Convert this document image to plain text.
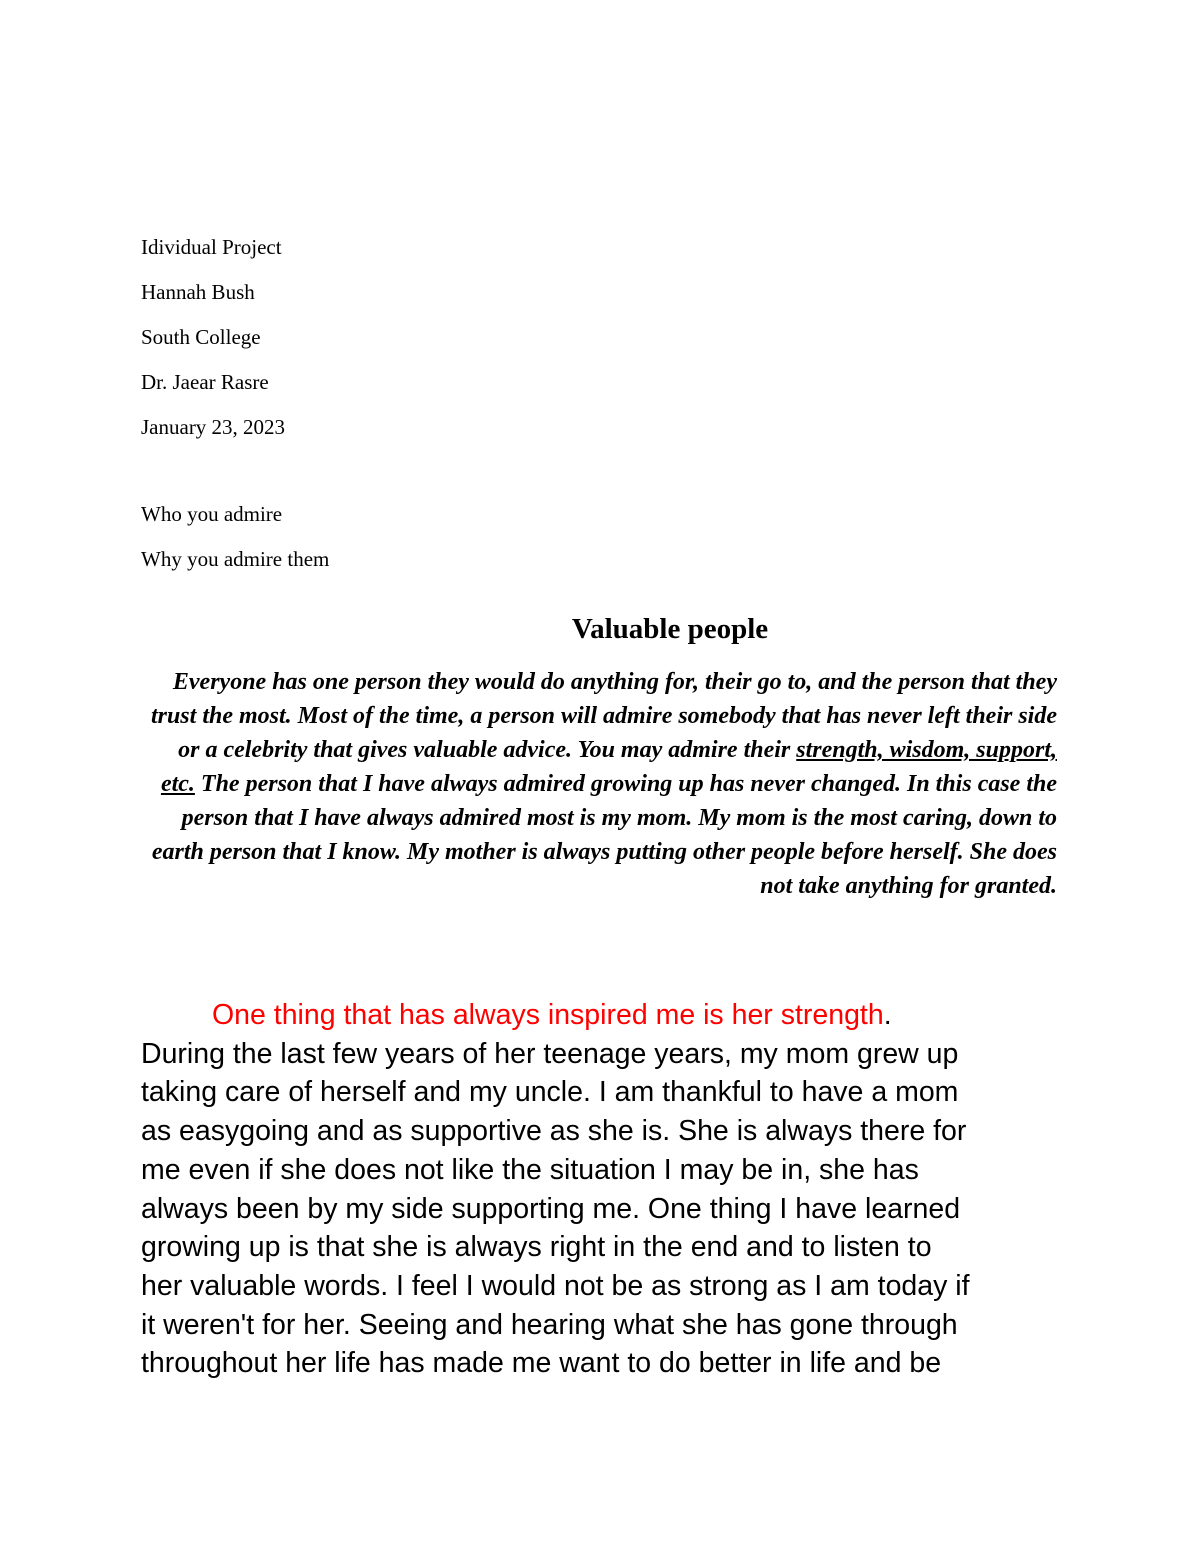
Idividual Project
Hannah Bush
South College
Dr. Jaear Rasre
January 23, 2023
Who you admire
Why you admire them
Valuable people

Everyone has one person they would do anything for, their go to, and the person that they trust the most. Most of the time, a person will admire somebody that has never left their side or a celebrity that gives valuable advice. You may admire their strength, wisdom, support, etc. The person that I have always admired growing up has never changed. In this case the person that I have always admired most is my mom. My mom is the most caring, down to earth person that I know. My mother is always putting other people before herself. She does not take anything for granted.

One thing that has always inspired me is her strength.
During the last few years of her teenage years, my mom grew up
taking care of herself and my uncle. I am thankful to have a mom
as easygoing and as supportive as she is. She is always there for
me even if she does not like the situation I may be in, she has
always been by my side supporting me. One thing I have learned
growing up is that she is always right in the end and to listen to
her valuable words. I feel I would not be as strong as I am today if
it weren't for her. Seeing and hearing what she has gone through
throughout her life has made me want to do better in life and be
